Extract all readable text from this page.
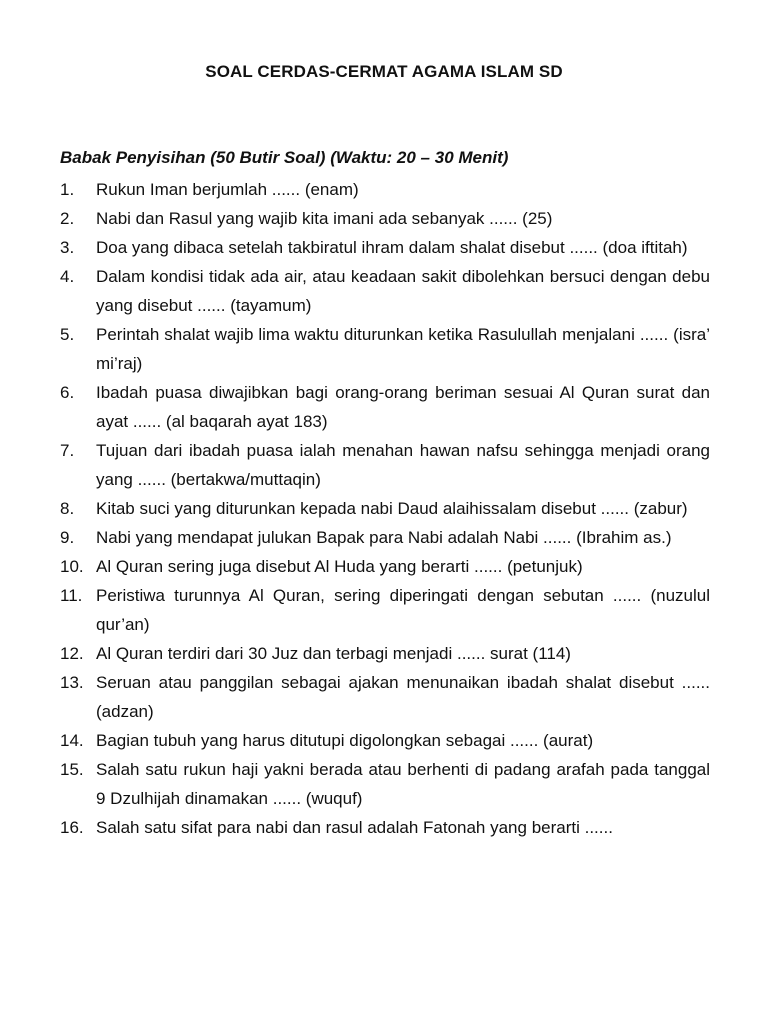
SOAL CERDAS-CERMAT AGAMA ISLAM SD
Babak Penyisihan (50 Butir Soal) (Waktu: 20 – 30 Menit)
1.	Rukun Iman berjumlah ...... (enam)
2.	Nabi dan Rasul yang wajib kita imani ada sebanyak ...... (25)
3.	Doa yang dibaca setelah takbiratul ihram dalam shalat disebut ...... (doa iftitah)
4.	Dalam kondisi tidak ada air, atau keadaan sakit dibolehkan bersuci dengan debu yang disebut ...... (tayamum)
5.	Perintah shalat wajib lima waktu diturunkan ketika Rasulullah menjalani ...... (isra’ mi’raj)
6.	Ibadah puasa diwajibkan bagi orang-orang beriman sesuai Al Quran surat dan ayat ...... (al baqarah ayat 183)
7.	Tujuan dari ibadah puasa ialah menahan hawan nafsu sehingga menjadi orang yang ...... (bertakwa/muttaqin)
8.	Kitab suci yang diturunkan kepada nabi Daud alaihissalam disebut ...... (zabur)
9.	Nabi yang mendapat julukan Bapak para Nabi adalah Nabi ...... (Ibrahim as.)
10. Al Quran sering juga disebut Al Huda yang berarti ...... (petunjuk)
11. Peristiwa turunnya Al Quran, sering diperingati dengan sebutan ...... (nuzulul qur’an)
12. Al Quran terdiri dari 30 Juz dan terbagi menjadi ...... surat (114)
13. Seruan atau panggilan sebagai ajakan menunaikan ibadah shalat disebut ...... (adzan)
14. Bagian tubuh yang harus ditutupi digolongkan sebagai ...... (aurat)
15. Salah satu rukun haji yakni berada atau berhenti di padang arafah pada tanggal 9 Dzulhijah dinamakan ...... (wuquf)
16. Salah satu sifat para nabi dan rasul adalah Fatonah yang berarti ......
